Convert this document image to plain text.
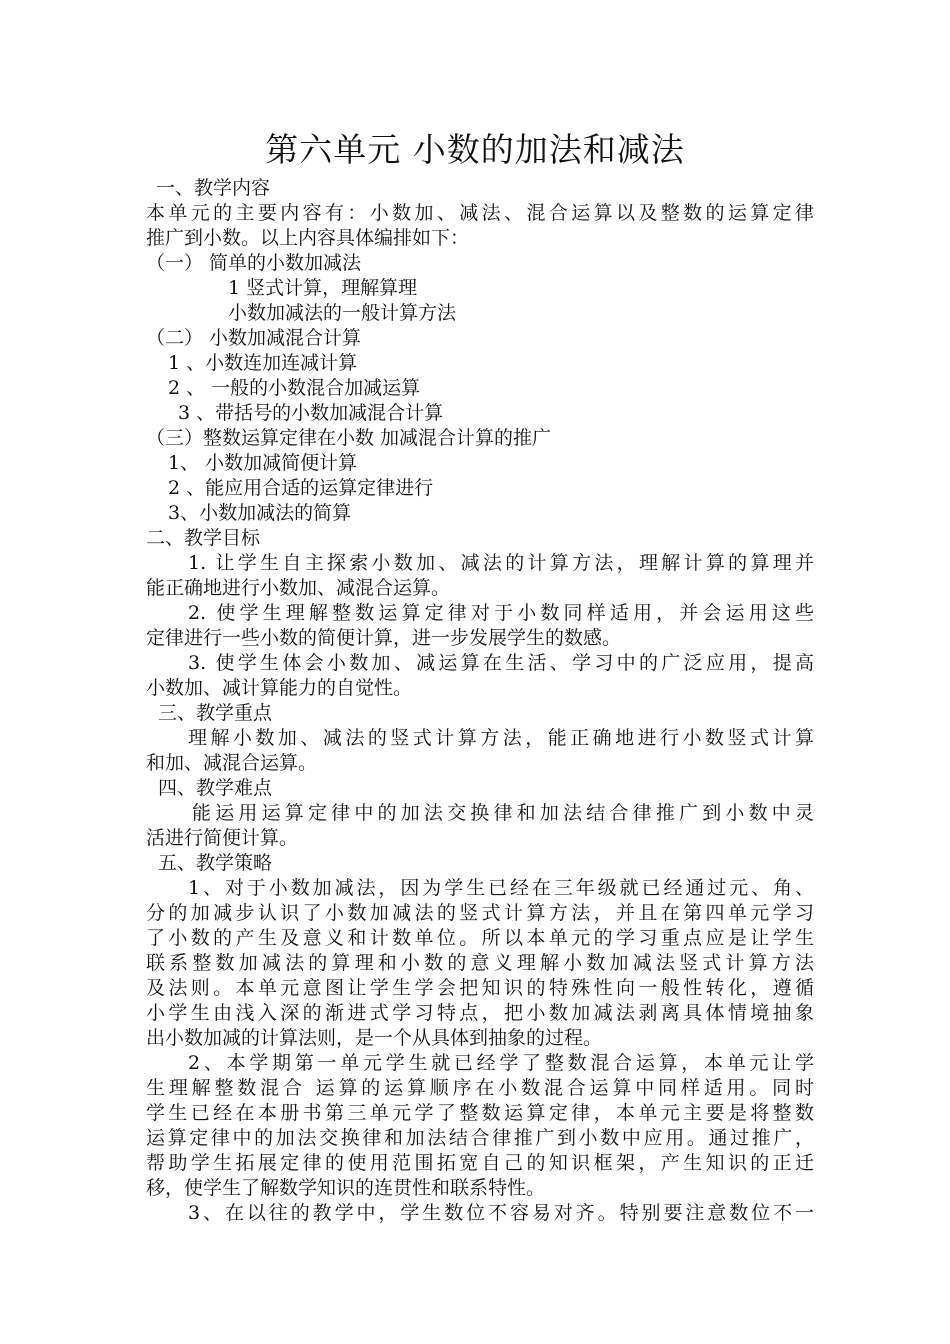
第六单元 小数的加法和减法
一、教学内容
本单元的主要内容有：小数加、减法、混合运算以及整数的运算定律
推广到小数。以上内容具体编排如下：
（一） 简单的小数加减法
1 竖式计算，理解算理
小数加减法的一般计算方法
（二） 小数加减混合计算
1 、小数连加连减计算
2 、 一般的小数混合加减运算
3 、带括号的小数加减混合计算
（三）整数运算定律在小数 加减混合计算的推广
1、 小数加减简便计算
2 、能应用合适的运算定律进行
3、小数加减法的简算
二、教学目标
1. 让学生自主探索小数加、减法的计算方法，理解计算的算理并
能正确地进行小数加、减混合运算。
2. 使学生理解整数运算定律对于小数同样适用，并会运用这些
定律进行一些小数的简便计算，进一步发展学生的数感。
3. 使学生体会小数加、减运算在生活、学习中的广泛应用，提高
小数加、减计算能力的自觉性。
三、教学重点
理解小数加、减法的竖式计算方法，能正确地进行小数竖式计算
和加、减混合运算。
四、教学难点
能运用运算定律中的加法交换律和加法结合律推广到小数中灵
活进行简便计算。
五、教学策略
1、对于小数加减法，因为学生已经在三年级就已经通过元、角、
分的加减步认识了小数加减法的竖式计算方法，并且在第四单元学习
了小数的产生及意义和计数单位。所以本单元的学习重点应是让学生
联系整数加减法的算理和小数的意义理解小数加减法竖式计算方法
及法则。本单元意图让学生学会把知识的特殊性向一般性转化，遵循
小学生由浅入深的渐进式学习特点，把小数加减法剥离具体情境抽象
出小数加减的计算法则，是一个从具体到抽象的过程。
2、本学期第一单元学生就已经学了整数混合运算，本单元让学
生理解整数混合 运算的运算顺序在小数混合运算中同样适用。同时
学生已经在本册书第三单元学了整数运算定律，本单元主要是将整数
运算定律中的加法交换律和加法结合律推广到小数中应用。通过推广，
帮助学生拓展定律的使用范围拓宽自己的知识框架，产生知识的正迁
移，使学生了解数学知识的连贯性和联系特性。
3、在以往的教学中，学生数位不容易对齐。特别要注意数位不一
